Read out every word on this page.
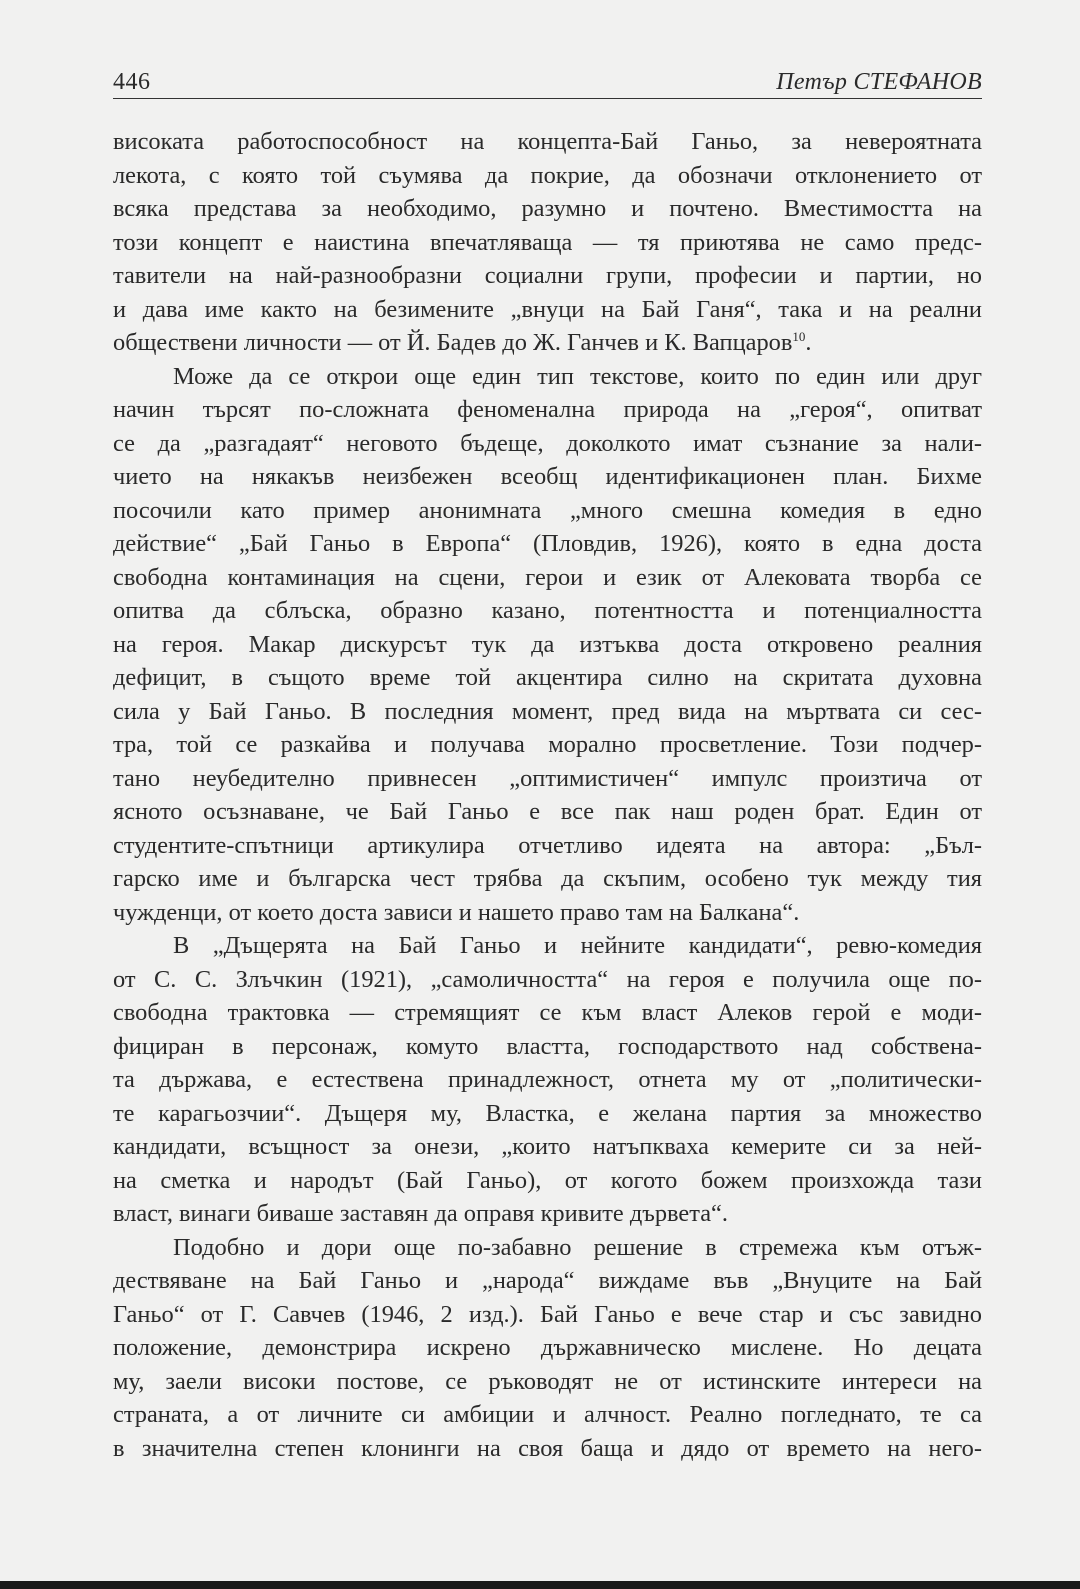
446	Петър СТЕФАНОВ
високата работоспособност на концепта-Бай Ганьо, за невероятната
лекота, с която той съумява да покрие, да обозначи отклонението от
всяка представа за необходимо, разумно и почтено. Вместимостта на
този концепт е наистина впечатляваща — тя приютява не само предс-
тавители на най-разнообразни социални групи, професии и партии, но
и дава име както на безимените „внуци на Бай Ганя“, така и на реални
обществени личности — от Й. Бадев до Ж. Ганчев и К. Вапцаров$^{10}$.
Може да се открои още един тип текстове, които по един или друг
начин търсят по-сложната феноменална природа на „героя“, опитват
се да „разгадаят“ неговото бъдеще, доколкото имат съзнание за нали-
чието на някакъв неизбежен всеобщ идентификационен план. Бихме
посочили като пример анонимната „много смешна комедия в едно
действие“ „Бай Ганьо в Европа“ (Пловдив, 1926), която в една доста
свободна контаминация на сцени, герои и език от Алековата творба се
опитва да сблъска, образно казано, потентността и потенциалността
на героя. Макар дискурсът тук да изтъква доста откровено реалния
дефицит, в същото време той акцентира силно на скритата духовна
сила у Бай Ганьо. В последния момент, пред вида на мъртвата си сес-
тра, той се разкайва и получава морално просветление. Този подчер-
тано неубедително привнесен „оптимистичен“ импулс произтича от
ясното осъзнаване, че Бай Ганьо е все пак наш роден брат. Един от
студентите-спътници артикулира отчетливо идеята на автора: „Бъл-
гарско име и българска чест трябва да скъпим, особено тук между тия
чужденци, от което доста зависи и нашето право там на Балкана“.
В „Дъщерята на Бай Ганьо и нейните кандидати“, ревю-комедия
от С. С. Злъчкин (1921), „самоличността“ на героя е получила още по-
свободна трактовка — стремящият се към власт Алеков герой е моди-
фициран в персонаж, комуто властта, господарството над собствена-
та държава, е естествена принадлежност, отнета му от „политически-
те карагьозчии“. Дъщеря му, Властка, е желана партия за множество
кандидати, всъщност за онези, „които натъпкваха кемерите си за ней-
на сметка и народът (Бай Ганьо), от когото божем произхожда тази
власт, винаги биваше заставян да оправя кривите дървета“.
Подобно и дори още по-забавно решение в стремежа към отъж-
дествяване на Бай Ганьо и „народа“ виждаме във „Внуците на Бай
Ганьо“ от Г. Савчев (1946, 2 изд.). Бай Ганьо е вече стар и със завидно
положение, демонстрира искрено държавническо мислене. Но децата
му, заели високи постове, се ръководят не от истинските интереси на
страната, а от личните си амбиции и алчност. Реално погледнато, те са
в значителна степен клонинги на своя баща и дядо от времето на него-
